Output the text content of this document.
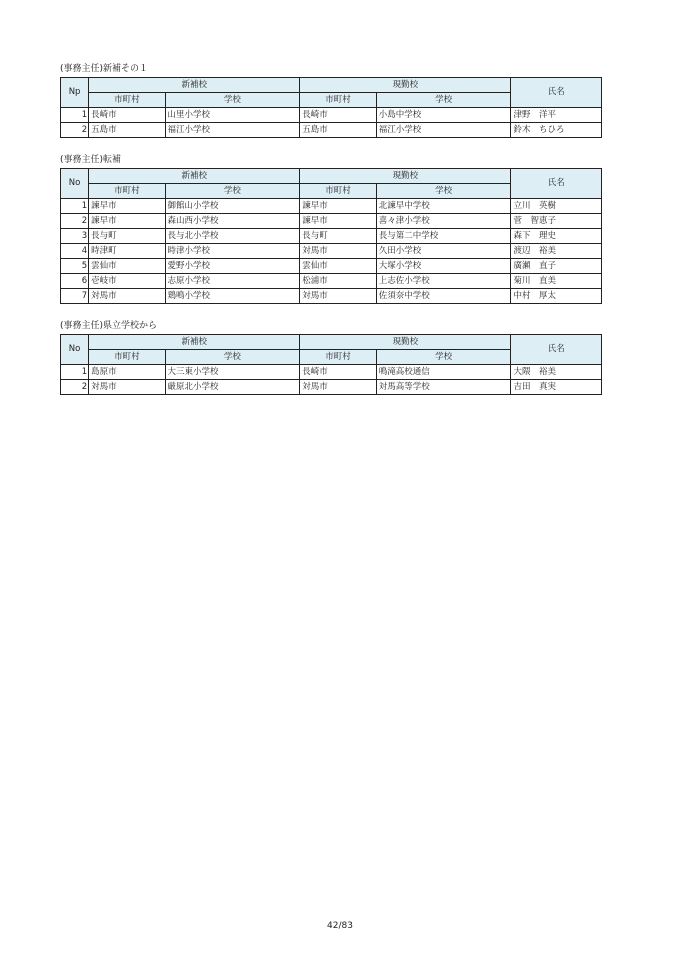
(事務主任)新補その１
Np	新補校		現勤校		氏名
	市町村	学校	市町村	学校	
1	長崎市	山里小学校	長崎市	小島中学校	津野　洋平
2	五島市	福江小学校	五島市	福江小学校	鈴木　ちひろ
(事務主任)転補
No	新補校		現勤校		氏名
	市町村	学校	市町村	学校	
1	諫早市	御館山小学校	諫早市	北諫早中学校	立川　英樹
2	諫早市	森山西小学校	諫早市	喜々津小学校	菅　智恵子
3	長与町	長与北小学校	長与町	長与第二中学校	森下　理史
4	時津町	時津小学校	対馬市	久田小学校	渡辺　裕美
5	雲仙市	愛野小学校	雲仙市	大塚小学校	廣瀬　直子
6	壱岐市	志原小学校	松浦市	上志佐小学校	菊川　直美
7	対馬市	鶏鳴小学校	対馬市	佐須奈中学校	中村　厚太
(事務主任)県立学校から
No	新補校		現勤校		氏名
	市町村	学校	市町村	学校	
1	島原市	大三東小学校	長崎市	鳴滝高校通信	大隈　裕美
2	対馬市	厳原北小学校	対馬市	対馬高等学校	吉田　真実
42/83
